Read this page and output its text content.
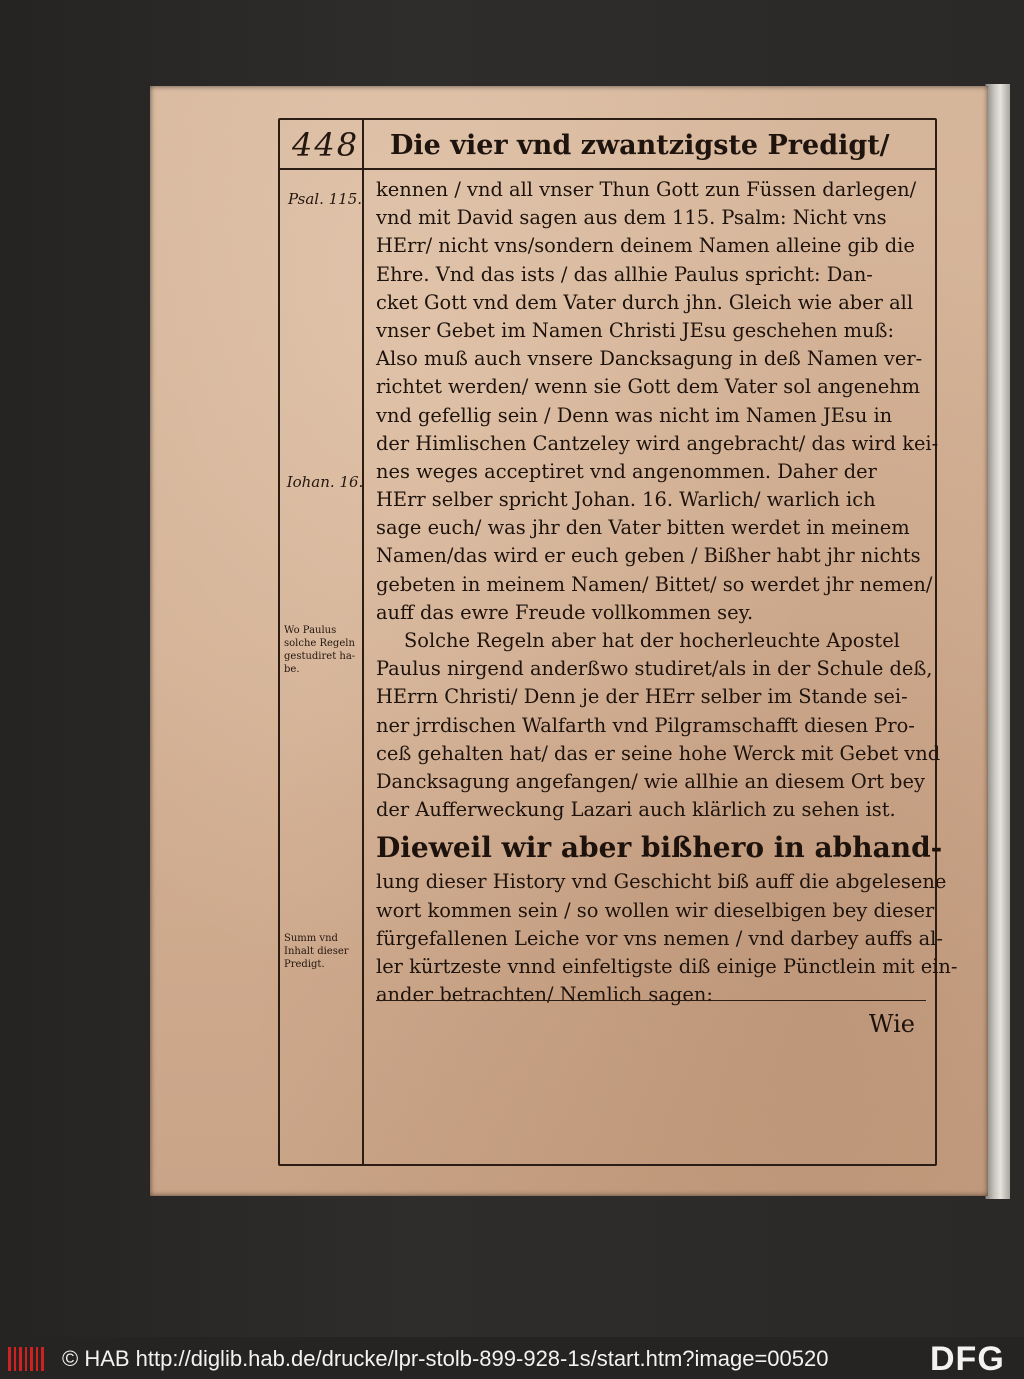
448 Die vier vnd zwantzigste Predigt/
Psal. 115.
Iohan. 16.
Wo Paulus solche Regeln gestudiret ha-be.
Summ vnd Inhalt dieser Predigt.
kennen / vnd all vnser Thun Gott zun Füssen darlegen/
vnd mit David sagen aus dem 115. Psalm: Nicht vns
HErr/ nicht vns/sondern deinem Namen alleine gib die
Ehre. Vnd das ists / das allhie Paulus spricht: Dan-
cket Gott vnd dem Vater durch jhn. Gleich wie aber all
vnser Gebet im Namen Christi JEsu geschehen muß:
Also muß auch vnsere Dancksagung in deß Namen ver-
richtet werden/ wenn sie Gott dem Vater sol angenehm
vnd gefellig sein / Denn was nicht im Namen JEsu in
der Himlischen Cantzeley wird angebracht/ das wird kei-
nes weges acceptiret vnd angenommen. Daher der
HErr selber spricht Johan. 16. Warlich/ warlich ich
sage euch/ was jhr den Vater bitten werdet in meinem
Namen/das wird er euch geben / Bißher habt jhr nichts
gebeten in meinem Namen/ Bittet/ so werdet jhr nemen/
auff das ewre Freude vollkommen sey.
Solche Regeln aber hat der hocherleuchte Apostel
Paulus nirgend anderßwo studiret/als in der Schule deß,
HErrn Christi/ Denn je der HErr selber im Stande sei-
ner jrrdischen Walfarth vnd Pilgramschafft diesen Pro-
ceß gehalten hat/ das er seine hohe Werck mit Gebet vnd
Dancksagung angefangen/ wie allhie an diesem Ort bey
der Aufferweckung Lazari auch klärlich zu sehen ist.
Dieweil wir aber bißhero in abhand-
lung dieser History vnd Geschicht biß auff die abgelesene
wort kommen sein / so wollen wir dieselbigen bey dieser
fürgefallenen Leiche vor vns nemen / vnd darbey auffs al-
ler kürtzeste vnnd einfeltigste diß einige Pünctlein mit ein-
ander betrachten/ Nemlich sagen:
Wie
© HAB http://diglib.hab.de/drucke/lpr-stolb-899-928-1s/start.htm?image=00520	DFG
